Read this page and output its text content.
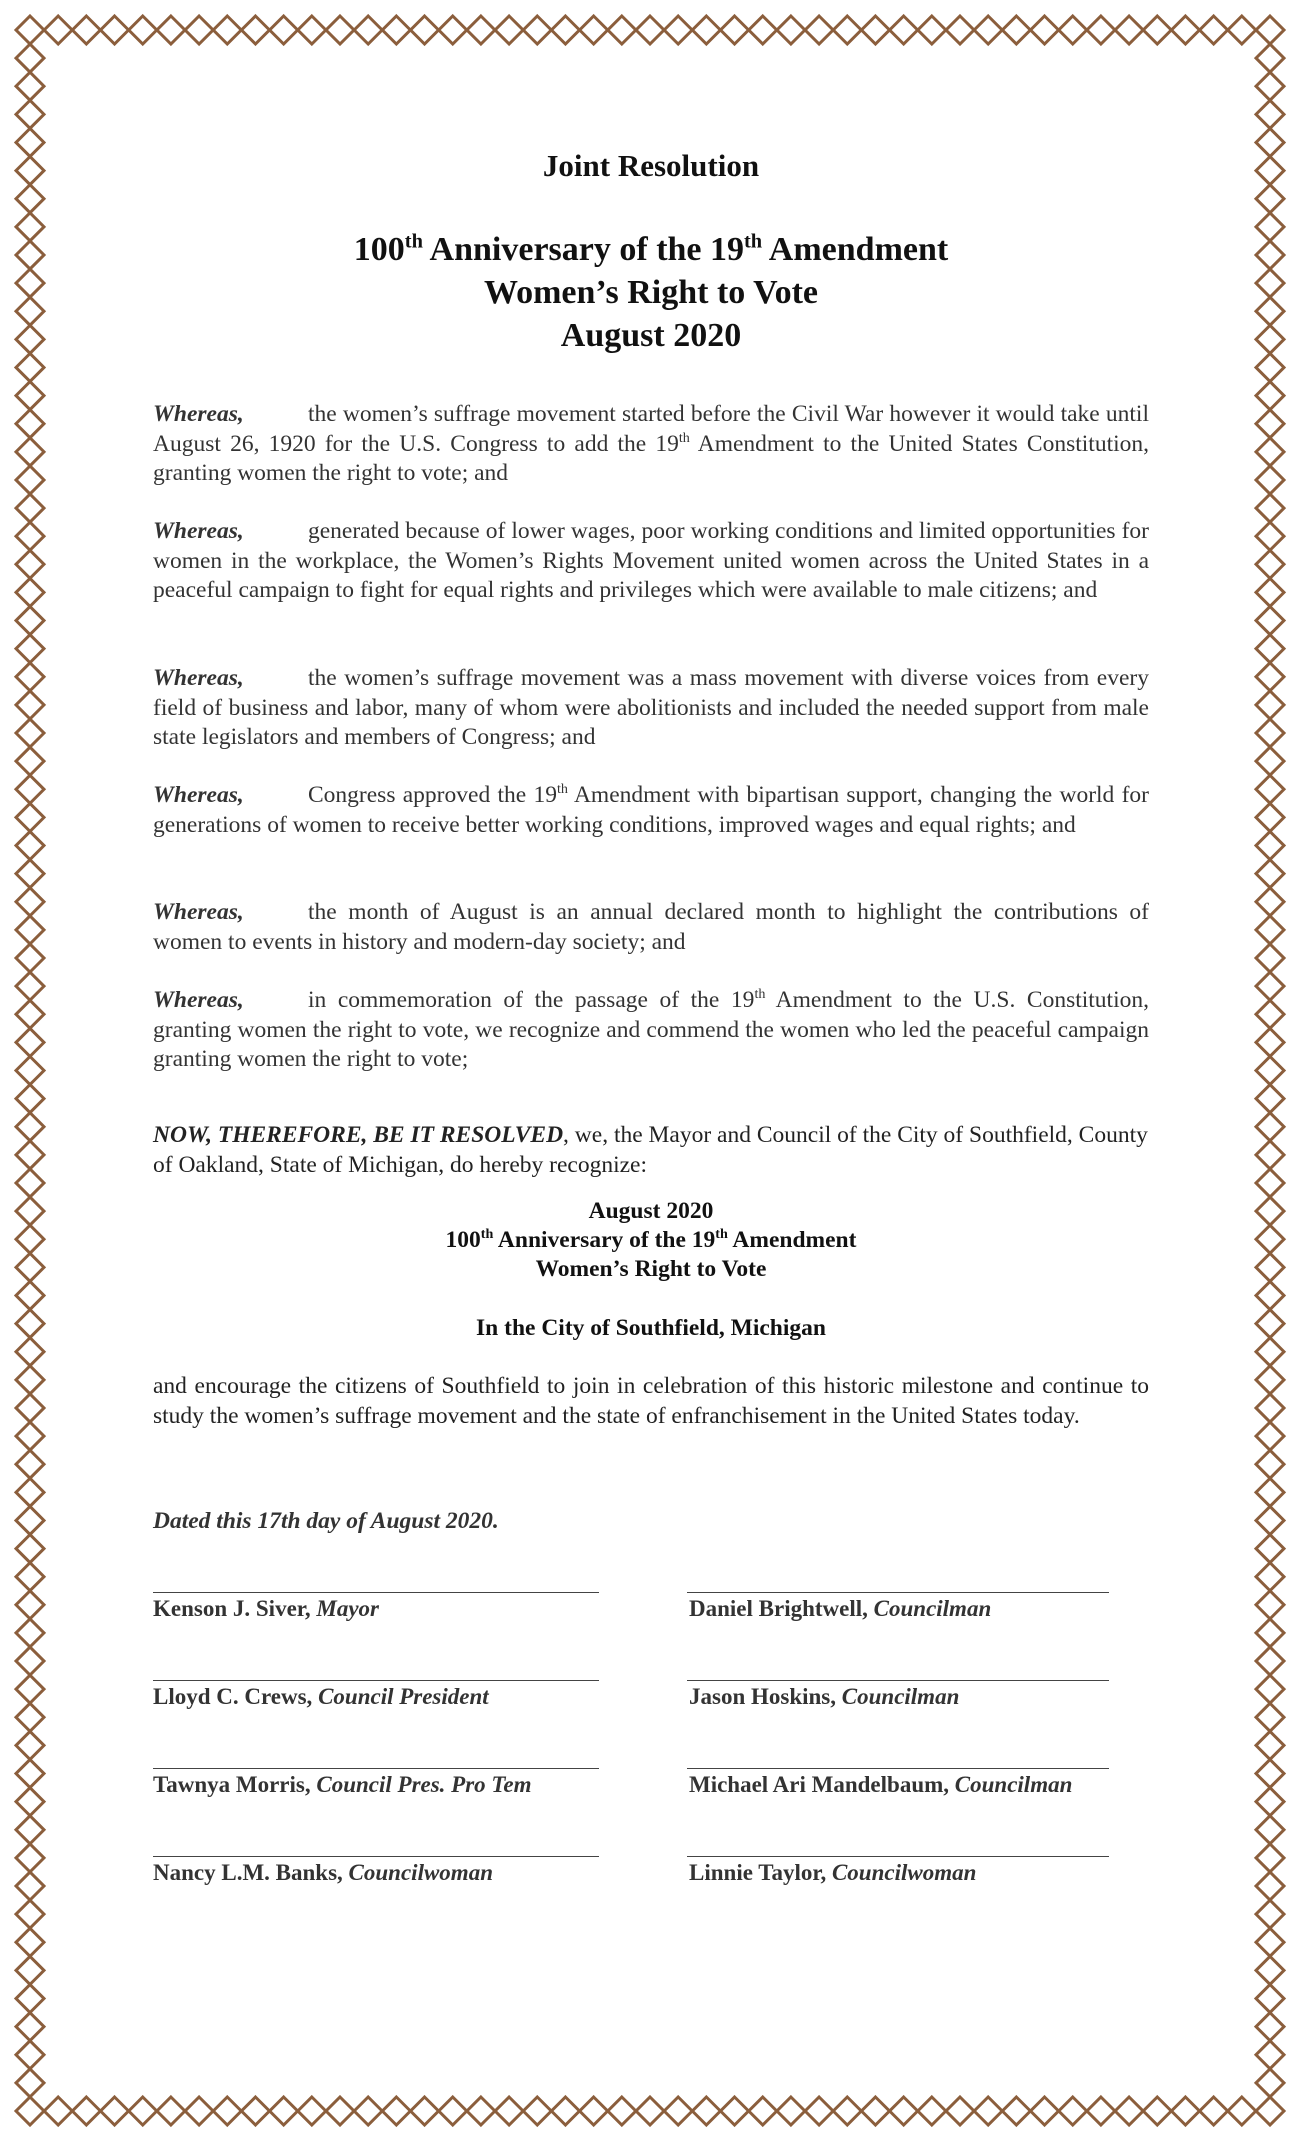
Joint Resolution
100th Anniversary of the 19th Amendment
Women’s Right to Vote
August 2020
Whereas,	the women’s suffrage movement started before the Civil War however it would take until August 26, 1920 for the U.S. Congress to add the 19th Amendment to the United States Constitution, granting women the right to vote; and
Whereas,	generated because of lower wages, poor working conditions and limited opportunities for women in the workplace, the Women’s Rights Movement united women across the United States in a peaceful campaign to fight for equal rights and privileges which were available to male citizens; and
Whereas,	the women’s suffrage movement was a mass movement with diverse voices from every field of business and labor, many of whom were abolitionists and included the needed support from male state legislators and members of Congress; and
Whereas,	Congress approved the 19th Amendment with bipartisan support, changing the world for generations of women to receive better working conditions, improved wages and equal rights; and
Whereas,	the month of August is an annual declared month to highlight the contributions of women to events in history and modern-day society; and
Whereas,	in commemoration of the passage of the 19th Amendment to the U.S. Constitution, granting women the right to vote, we recognize and commend the women who led the peaceful campaign granting women the right to vote;
NOW, THEREFORE, BE IT RESOLVED, we, the Mayor and Council of the City of Southfield, County of Oakland, State of Michigan, do hereby recognize:
August 2020
100th Anniversary of the 19th Amendment
Women’s Right to Vote
In the City of Southfield, Michigan
and encourage the citizens of Southfield to join in celebration of this historic milestone and continue to study the women’s suffrage movement and the state of enfranchisement in the United States today.
Dated this 17th day of August 2020.
Kenson J. Siver, Mayor	Daniel Brightwell, Councilman
Lloyd C. Crews, Council President	Jason Hoskins, Councilman
Tawnya Morris, Council Pres. Pro Tem	Michael Ari Mandelbaum, Councilman
Nancy L.M. Banks, Councilwoman	Linnie Taylor, Councilwoman
